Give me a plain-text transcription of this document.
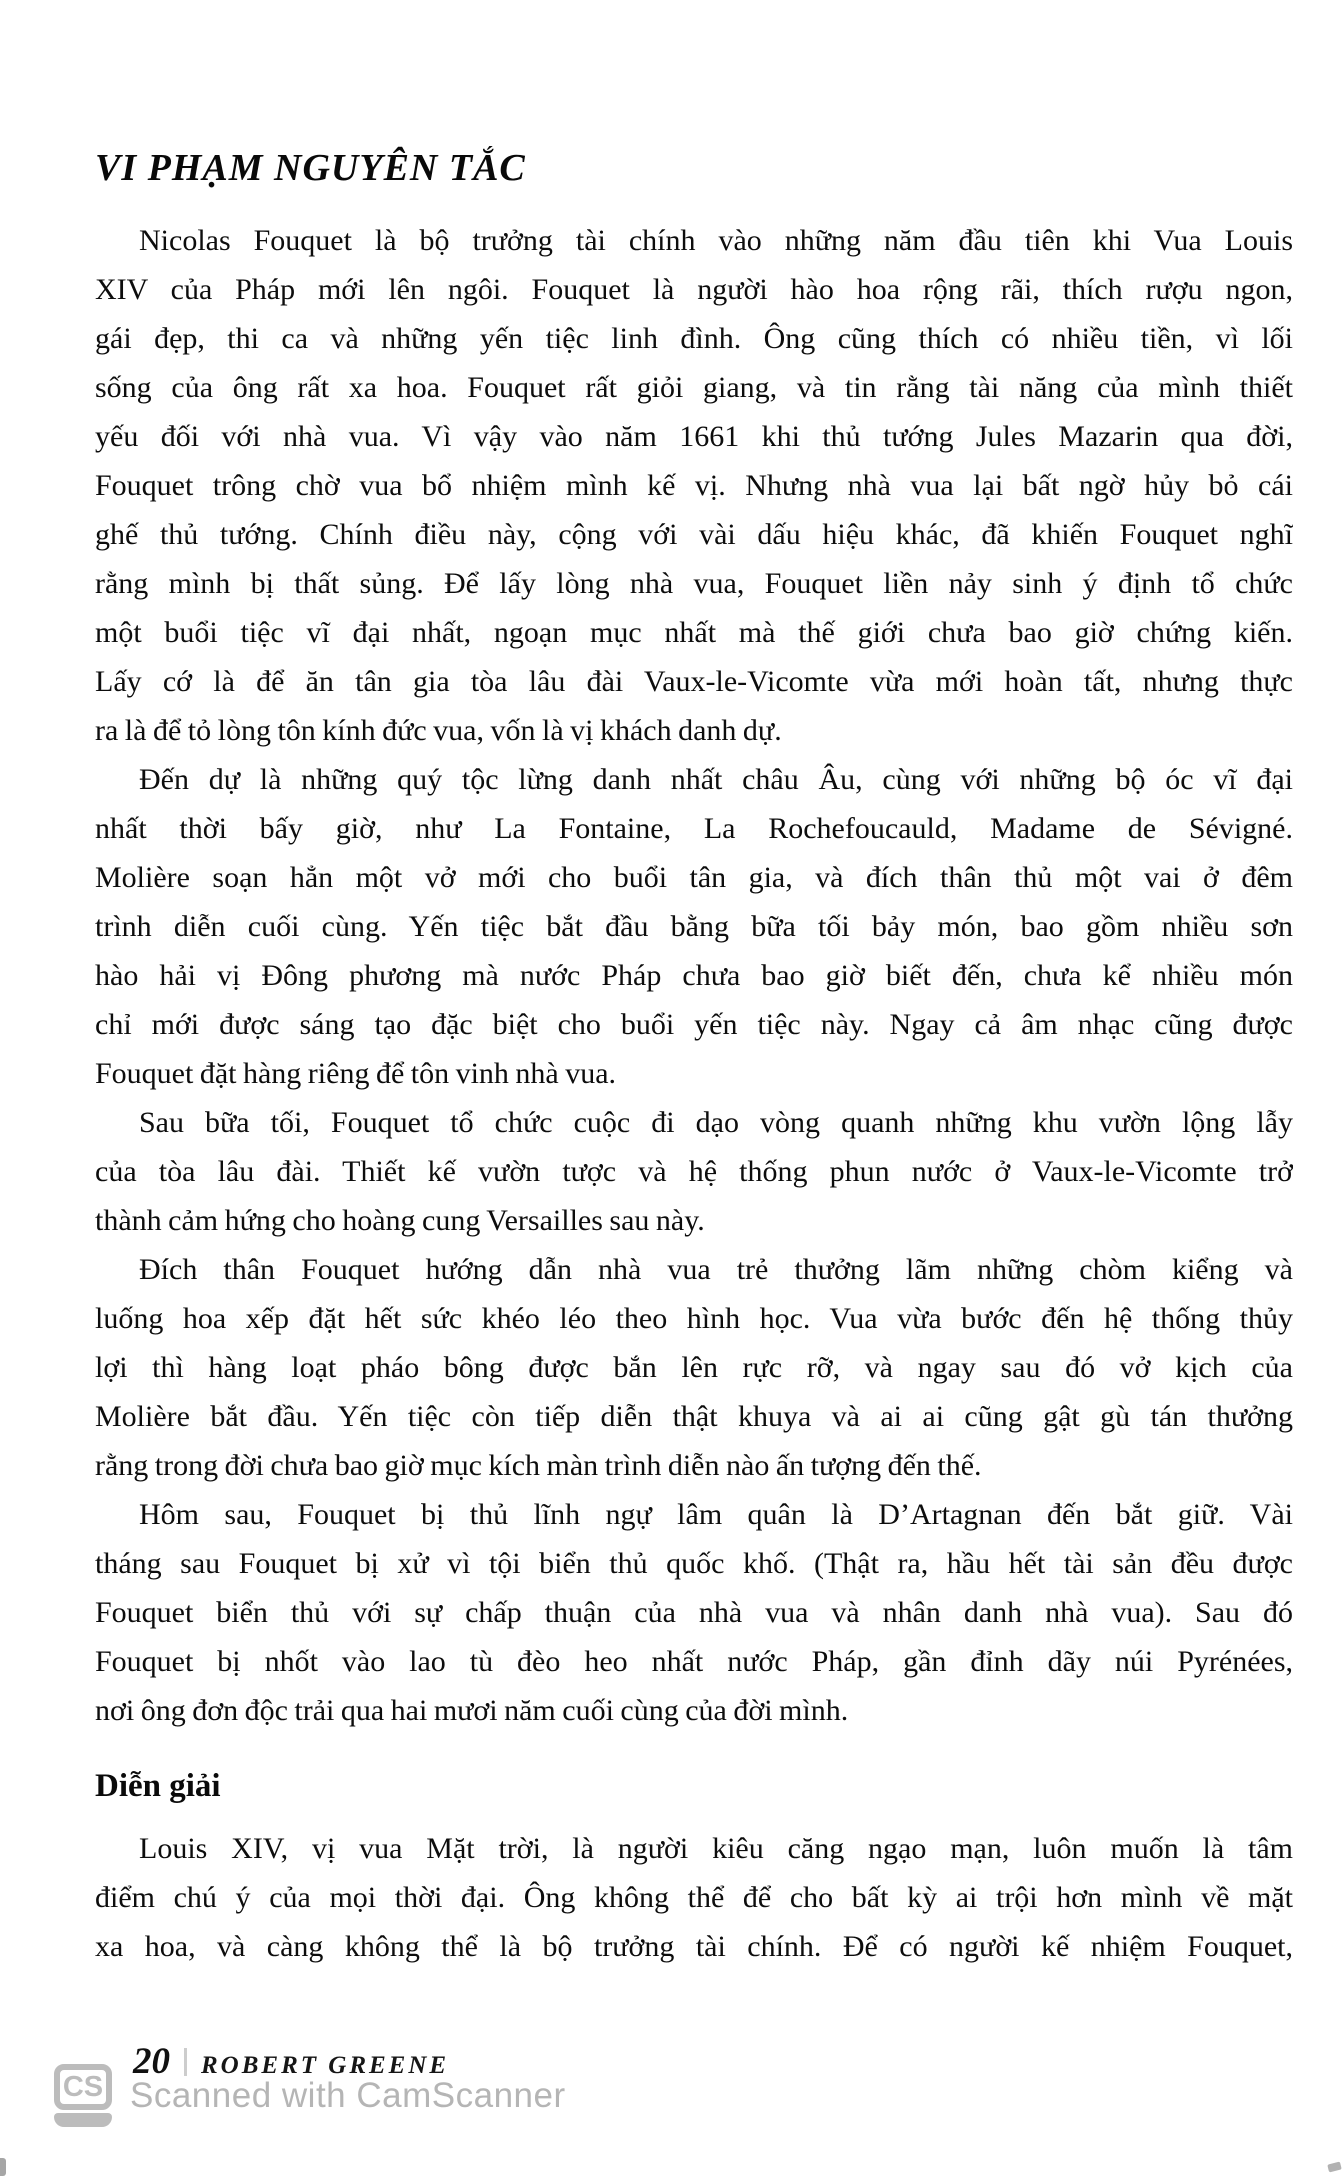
VI PHẠM NGUYÊN TẮC
Nicolas Fouquet là bộ trưởng tài chính vào những năm đầu tiên khi Vua Louis
XIV của Pháp mới lên ngôi. Fouquet là người hào hoa rộng rãi, thích rượu ngon,
gái đẹp, thi ca và những yến tiệc linh đình. Ông cũng thích có nhiều tiền, vì lối
sống của ông rất xa hoa. Fouquet rất giỏi giang, và tin rằng tài năng của mình thiết
yếu đối với nhà vua. Vì vậy vào năm 1661 khi thủ tướng Jules Mazarin qua đời,
Fouquet trông chờ vua bổ nhiệm mình kế vị. Nhưng nhà vua lại bất ngờ hủy bỏ cái
ghế thủ tướng. Chính điều này, cộng với vài dấu hiệu khác, đã khiến Fouquet nghĩ
rằng mình bị thất sủng. Để lấy lòng nhà vua, Fouquet liền nảy sinh ý định tổ chức
một buổi tiệc vĩ đại nhất, ngoạn mục nhất mà thế giới chưa bao giờ chứng kiến.
Lấy cớ là để ăn tân gia tòa lâu đài Vaux-le-Vicomte vừa mới hoàn tất, nhưng thực
ra là để tỏ lòng tôn kính đức vua, vốn là vị khách danh dự.
Đến dự là những quý tộc lừng danh nhất châu Âu, cùng với những bộ óc vĩ đại
nhất thời bấy giờ, như La Fontaine, La Rochefoucauld, Madame de Sévigné.
Molière soạn hẳn một vở mới cho buổi tân gia, và đích thân thủ một vai ở đêm
trình diễn cuối cùng. Yến tiệc bắt đầu bằng bữa tối bảy món, bao gồm nhiều sơn
hào hải vị Đông phương mà nước Pháp chưa bao giờ biết đến, chưa kể nhiều món
chỉ mới được sáng tạo đặc biệt cho buổi yến tiệc này. Ngay cả âm nhạc cũng được
Fouquet đặt hàng riêng để tôn vinh nhà vua.
Sau bữa tối, Fouquet tổ chức cuộc đi dạo vòng quanh những khu vườn lộng lẫy
của tòa lâu đài. Thiết kế vườn tược và hệ thống phun nước ở Vaux-le-Vicomte trở
thành cảm hứng cho hoàng cung Versailles sau này.
Đích thân Fouquet hướng dẫn nhà vua trẻ thưởng lãm những chòm kiểng và
luống hoa xếp đặt hết sức khéo léo theo hình học. Vua vừa bước đến hệ thống thủy
lợi thì hàng loạt pháo bông được bắn lên rực rỡ, và ngay sau đó vở kịch của
Molière bắt đầu. Yến tiệc còn tiếp diễn thật khuya và ai ai cũng gật gù tán thưởng
rằng trong đời chưa bao giờ mục kích màn trình diễn nào ấn tượng đến thế.
Hôm sau, Fouquet bị thủ lĩnh ngự lâm quân là D’Artagnan đến bắt giữ. Vài
tháng sau Fouquet bị xử vì tội biển thủ quốc khố. (Thật ra, hầu hết tài sản đều được
Fouquet biển thủ với sự chấp thuận của nhà vua và nhân danh nhà vua). Sau đó
Fouquet bị nhốt vào lao tù đèo heo nhất nước Pháp, gần đỉnh dãy núi Pyrénées,
nơi ông đơn độc trải qua hai mươi năm cuối cùng của đời mình.
Diễn giải
Louis XIV, vị vua Mặt trời, là người kiêu căng ngạo mạn, luôn muốn là tâm
điểm chú ý của mọi thời đại. Ông không thể để cho bất kỳ ai trội hơn mình về mặt
xa hoa, và càng không thể là bộ trưởng tài chính. Để có người kế nhiệm Fouquet,
20 ROBERT GREENE
CS Scanned with CamScanner
